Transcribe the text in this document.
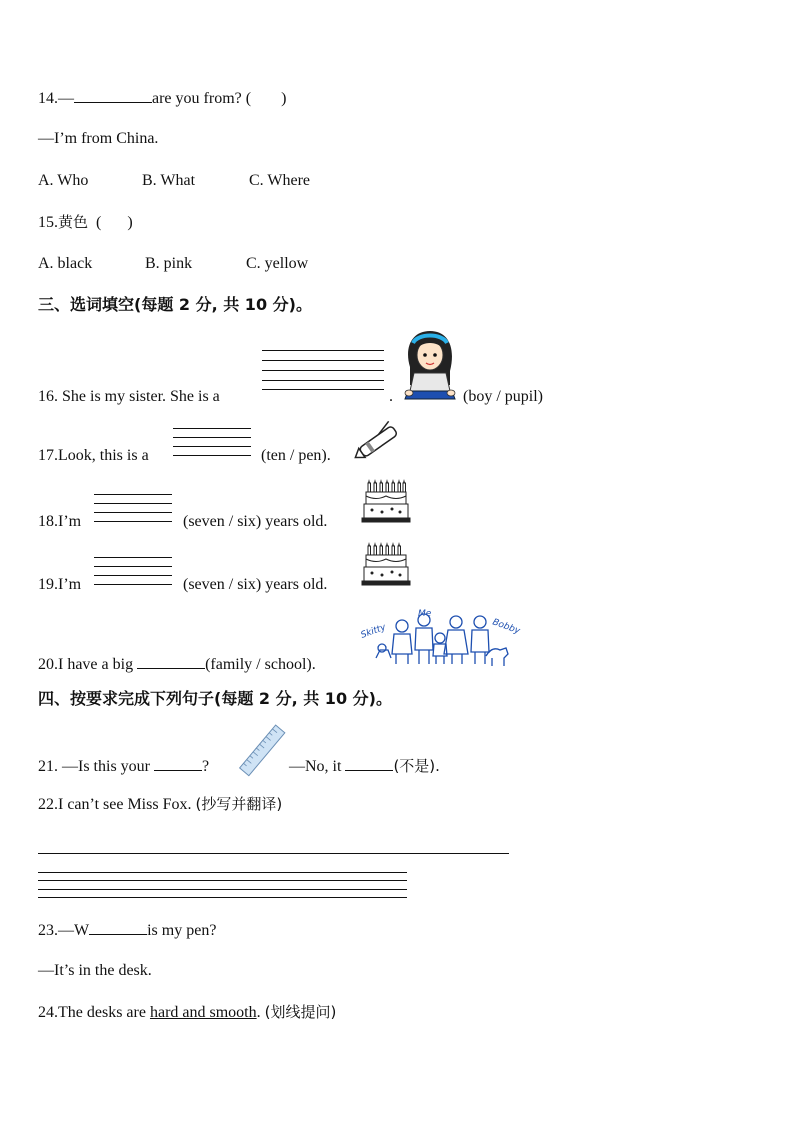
14.—	are you from? ( )
—I’m from China.
A. Who	B. What	C. Where
15.黄色 ( )
A. black	B. pink	C. yellow
三、选词填空(每题 2 分, 共 10 分)。
16. She is my sister. She is a	.	(boy / pupil)
17.Look, this is a	(ten / pen).
18.I’m	(seven / six) years old.
19.I’m	(seven / six) years old.
20.I have a big	(family / school).
Skitty
Me
Bobby
四、按要求完成下列句子(每题 2 分, 共 10 分)。
21. —Is this your	?	—No, it	(不是).
22.I can’t see Miss Fox. (抄写并翻译)
23.—W	is my pen?
—It’s in the desk.
24.The desks are hard and smooth. (划线提问)
